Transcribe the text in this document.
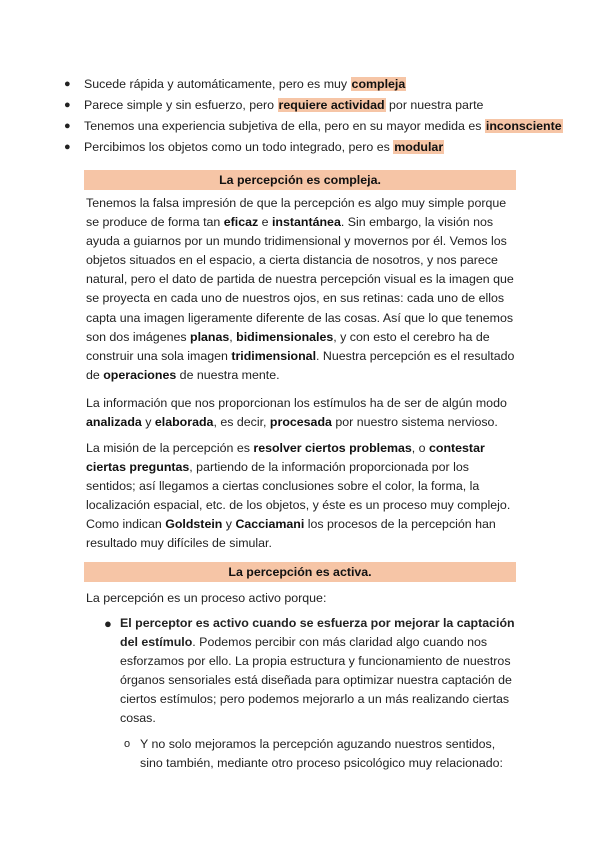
● Sucede rápida y automáticamente, pero es muy compleja
● Parece simple y sin esfuerzo, pero requiere actividad por nuestra parte
● Tenemos una experiencia subjetiva de ella, pero en su mayor medida es inconsciente
● Percibimos los objetos como un todo integrado, pero es modular
La percepción es compleja.
Tenemos la falsa impresión de que la percepción es algo muy simple porque se produce de forma tan eficaz e instantánea. Sin embargo, la visión nos ayuda a guiarnos por un mundo tridimensional y movernos por él. Vemos los objetos situados en el espacio, a cierta distancia de nosotros, y nos parece natural, pero el dato de partida de nuestra percepción visual es la imagen que se proyecta en cada uno de nuestros ojos, en sus retinas: cada uno de ellos capta una imagen ligeramente diferente de las cosas. Así que lo que tenemos son dos imágenes planas, bidimensionales, y con esto el cerebro ha de construir una sola imagen tridimensional. Nuestra percepción es el resultado de operaciones de nuestra mente.
La información que nos proporcionan los estímulos ha de ser de algún modo analizada y elaborada, es decir, procesada por nuestro sistema nervioso.
La misión de la percepción es resolver ciertos problemas, o contestar ciertas preguntas, partiendo de la información proporcionada por los sentidos; así llegamos a ciertas conclusiones sobre el color, la forma, la localización espacial, etc. de los objetos, y éste es un proceso muy complejo. Como indican Goldstein y Cacciamani los procesos de la percepción han resultado muy difíciles de simular.
La percepción es activa.
La percepción es un proceso activo porque:
● El perceptor es activo cuando se esfuerza por mejorar la captación del estímulo. Podemos percibir con más claridad algo cuando nos esforzamos por ello. La propia estructura y funcionamiento de nuestros órganos sensoriales está diseñada para optimizar nuestra captación de ciertos estímulos; pero podemos mejorarlo a un más realizando ciertas cosas.
o Y no solo mejoramos la percepción aguzando nuestros sentidos, sino también, mediante otro proceso psicológico muy relacionado:
